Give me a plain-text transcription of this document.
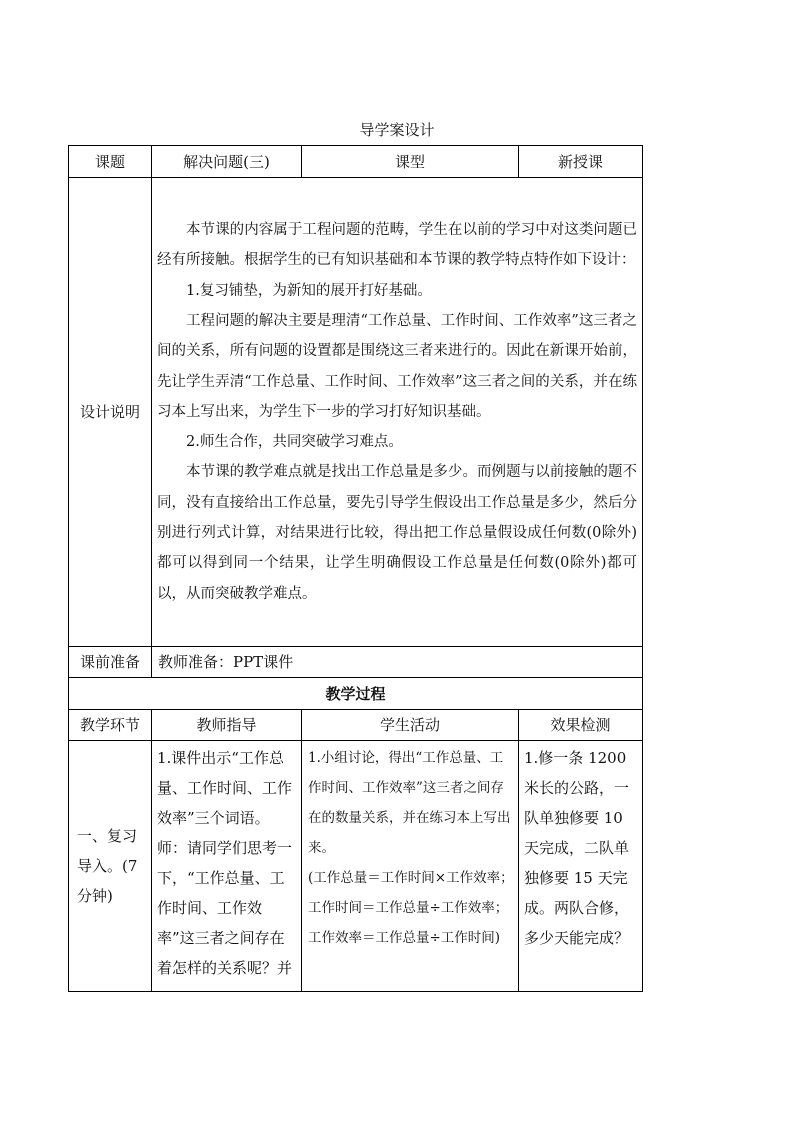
导学案设计
课题	解决问题(三)	课型	新授课
设计说明	本节课的内容属于工程问题的范畴，学生在以前的学习中对这类问题已经有所接触。根据学生的已有知识基础和本节课的教学特点特作如下设计：

1.复习铺垫，为新知的展开打好基础。

工程问题的解决主要是理清“工作总量、工作时间、工作效率”这三者之间的关系，所有问题的设置都是围绕这三者来进行的。因此在新课开始前，先让学生弄清“工作总量、工作时间、工作效率”这三者之间的关系，并在练习本上写出来，为学生下一步的学习打好知识基础。

2.师生合作，共同突破学习难点。

本节课的教学难点就是找出工作总量是多少。而例题与以前接触的题不同，没有直接给出工作总量，要先引导学生假设出工作总量是多少，然后分别进行列式计算，对结果进行比较，得出把工作总量假设成任何数(0除外)都可以得到同一个结果，让学生明确假设工作总量是任何数(0除外)都可以，从而突破教学难点。		

课前准备	教师准备：PPT课件		
教学过程			
教学环节	教师指导	学生活动	效果检测
一、复习导入。(7分钟)	1.课件出示“工作总量、工作时间、工作效率”三个词语。师：请同学们思考一下，“工作总量、工作时间、工作效率”这三者之间存在着怎样的关系呢？并	1.小组讨论，得出“工作总量、工作时间、工作效率”这三者之间存在的数量关系，并在练习本上写出来。

(工作总量＝工作时间×工作效率；工作时间＝工作总量÷工作效率；工作效率＝工作总量÷工作时间)	1.修一条 1200 米长的公路，一队单独修要 10 天完成，二队单独修要 15 天完成。两队合修，多少天能完成？
